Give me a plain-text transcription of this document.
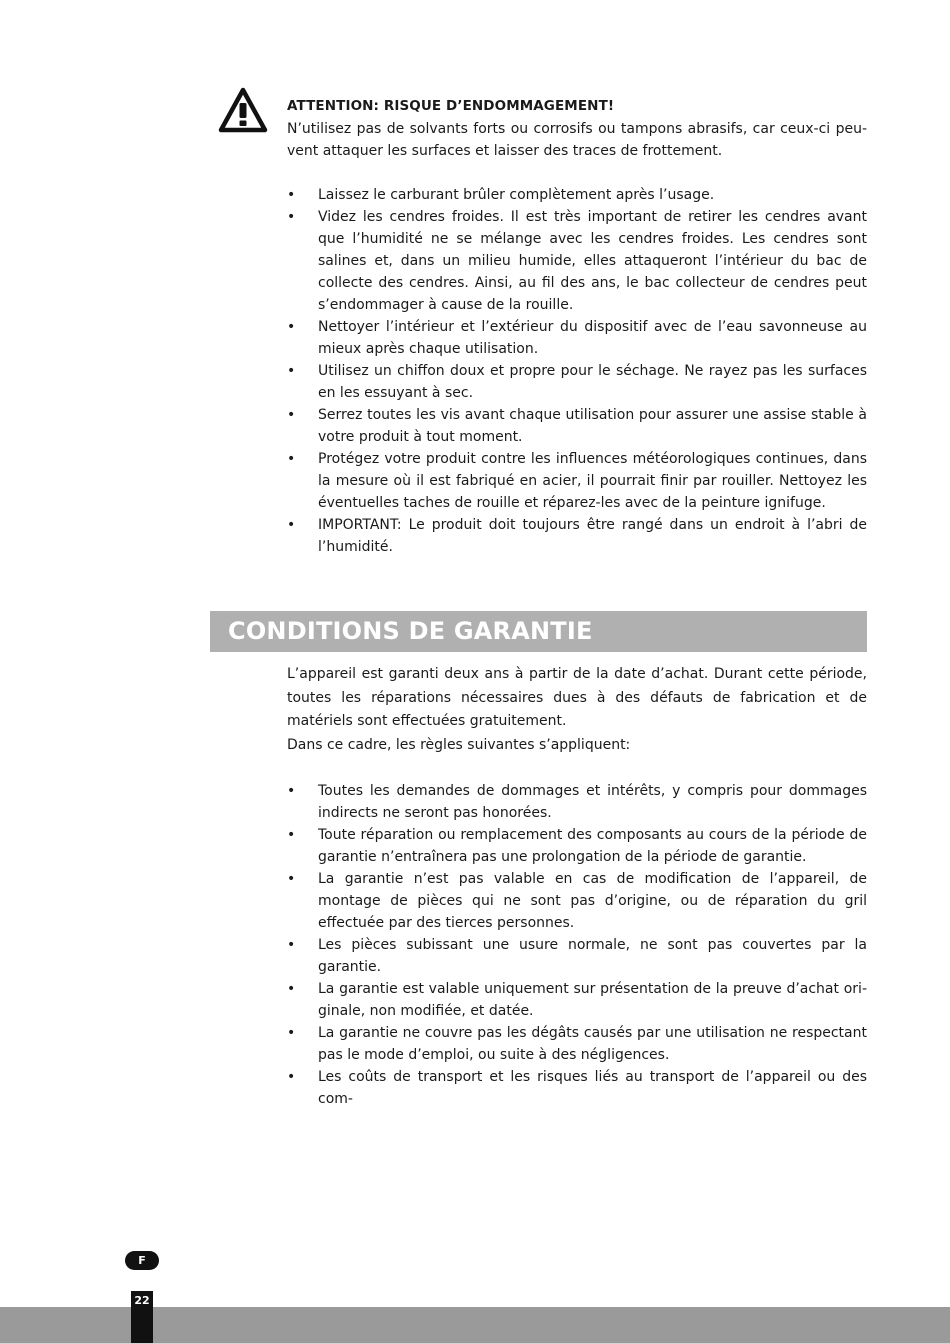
ATTENTION: RISQUE D’ENDOMMAGEMENT!

N’utilisez pas de solvants forts ou corrosifs ou tampons abrasifs, car ceux-ci peu-vent attaquer les surfaces et laisser des traces de frottement.

• Laissez le carburant brûler complètement après l’usage.
• Videz les cendres froides. Il est très important de retirer les cendres avant que l’humidité ne se mélange avec les cendres froides. Les cendres sont salines et, dans un milieu humide, elles attaqueront l’intérieur du bac de collecte des cendres. Ainsi, au fil des ans, le bac collecteur de cendres peut s’endommager à cause de la rouille.
• Nettoyer l’intérieur et l’extérieur du dispositif avec de l’eau savonneuse au mieux après chaque utilisation.
• Utilisez un chiffon doux et propre pour le séchage. Ne rayez pas les surfaces en les essuyant à sec.
• Serrez toutes les vis avant chaque utilisation pour assurer une assise stable à votre produit à tout moment.
• Protégez votre produit contre les influences météorologiques continues, dans la mesure où il est fabriqué en acier, il pourrait finir par rouiller. Nettoyez les éventuelles taches de rouille et réparez-les avec de la peinture ignifuge.
• IMPORTANT: Le produit doit toujours être rangé dans un endroit à l’abri de l’humidité.
CONDITIONS DE GARANTIE

L’appareil est garanti deux ans à partir de la date d’achat. Durant cette période, toutes les réparations nécessaires dues à des défauts de fabrication et de matériels sont effectuées gratuitement.

Dans ce cadre, les règles suivantes s’appliquent:

• Toutes les demandes de dommages et intérêts, y compris pour dommages indirects ne seront pas honorées.
• Toute réparation ou remplacement des composants au cours de la période de garantie n’entraînera pas une prolongation de la période de garantie.
• La garantie n’est pas valable en cas de modification de l’appareil, de montage de pièces qui ne sont pas d’origine, ou de réparation du gril effectuée par des tierces personnes.
• Les pièces subissant une usure normale, ne sont pas couvertes par la garantie.
• La garantie est valable uniquement sur présentation de la preuve d’achat ori-ginale, non modifiée, et datée.
• La garantie ne couvre pas les dégâts causés par une utilisation ne respectant pas le mode d’emploi, ou suite à des négligences.
• Les coûts de transport et les risques liés au transport de l’appareil ou des com-
F
22
